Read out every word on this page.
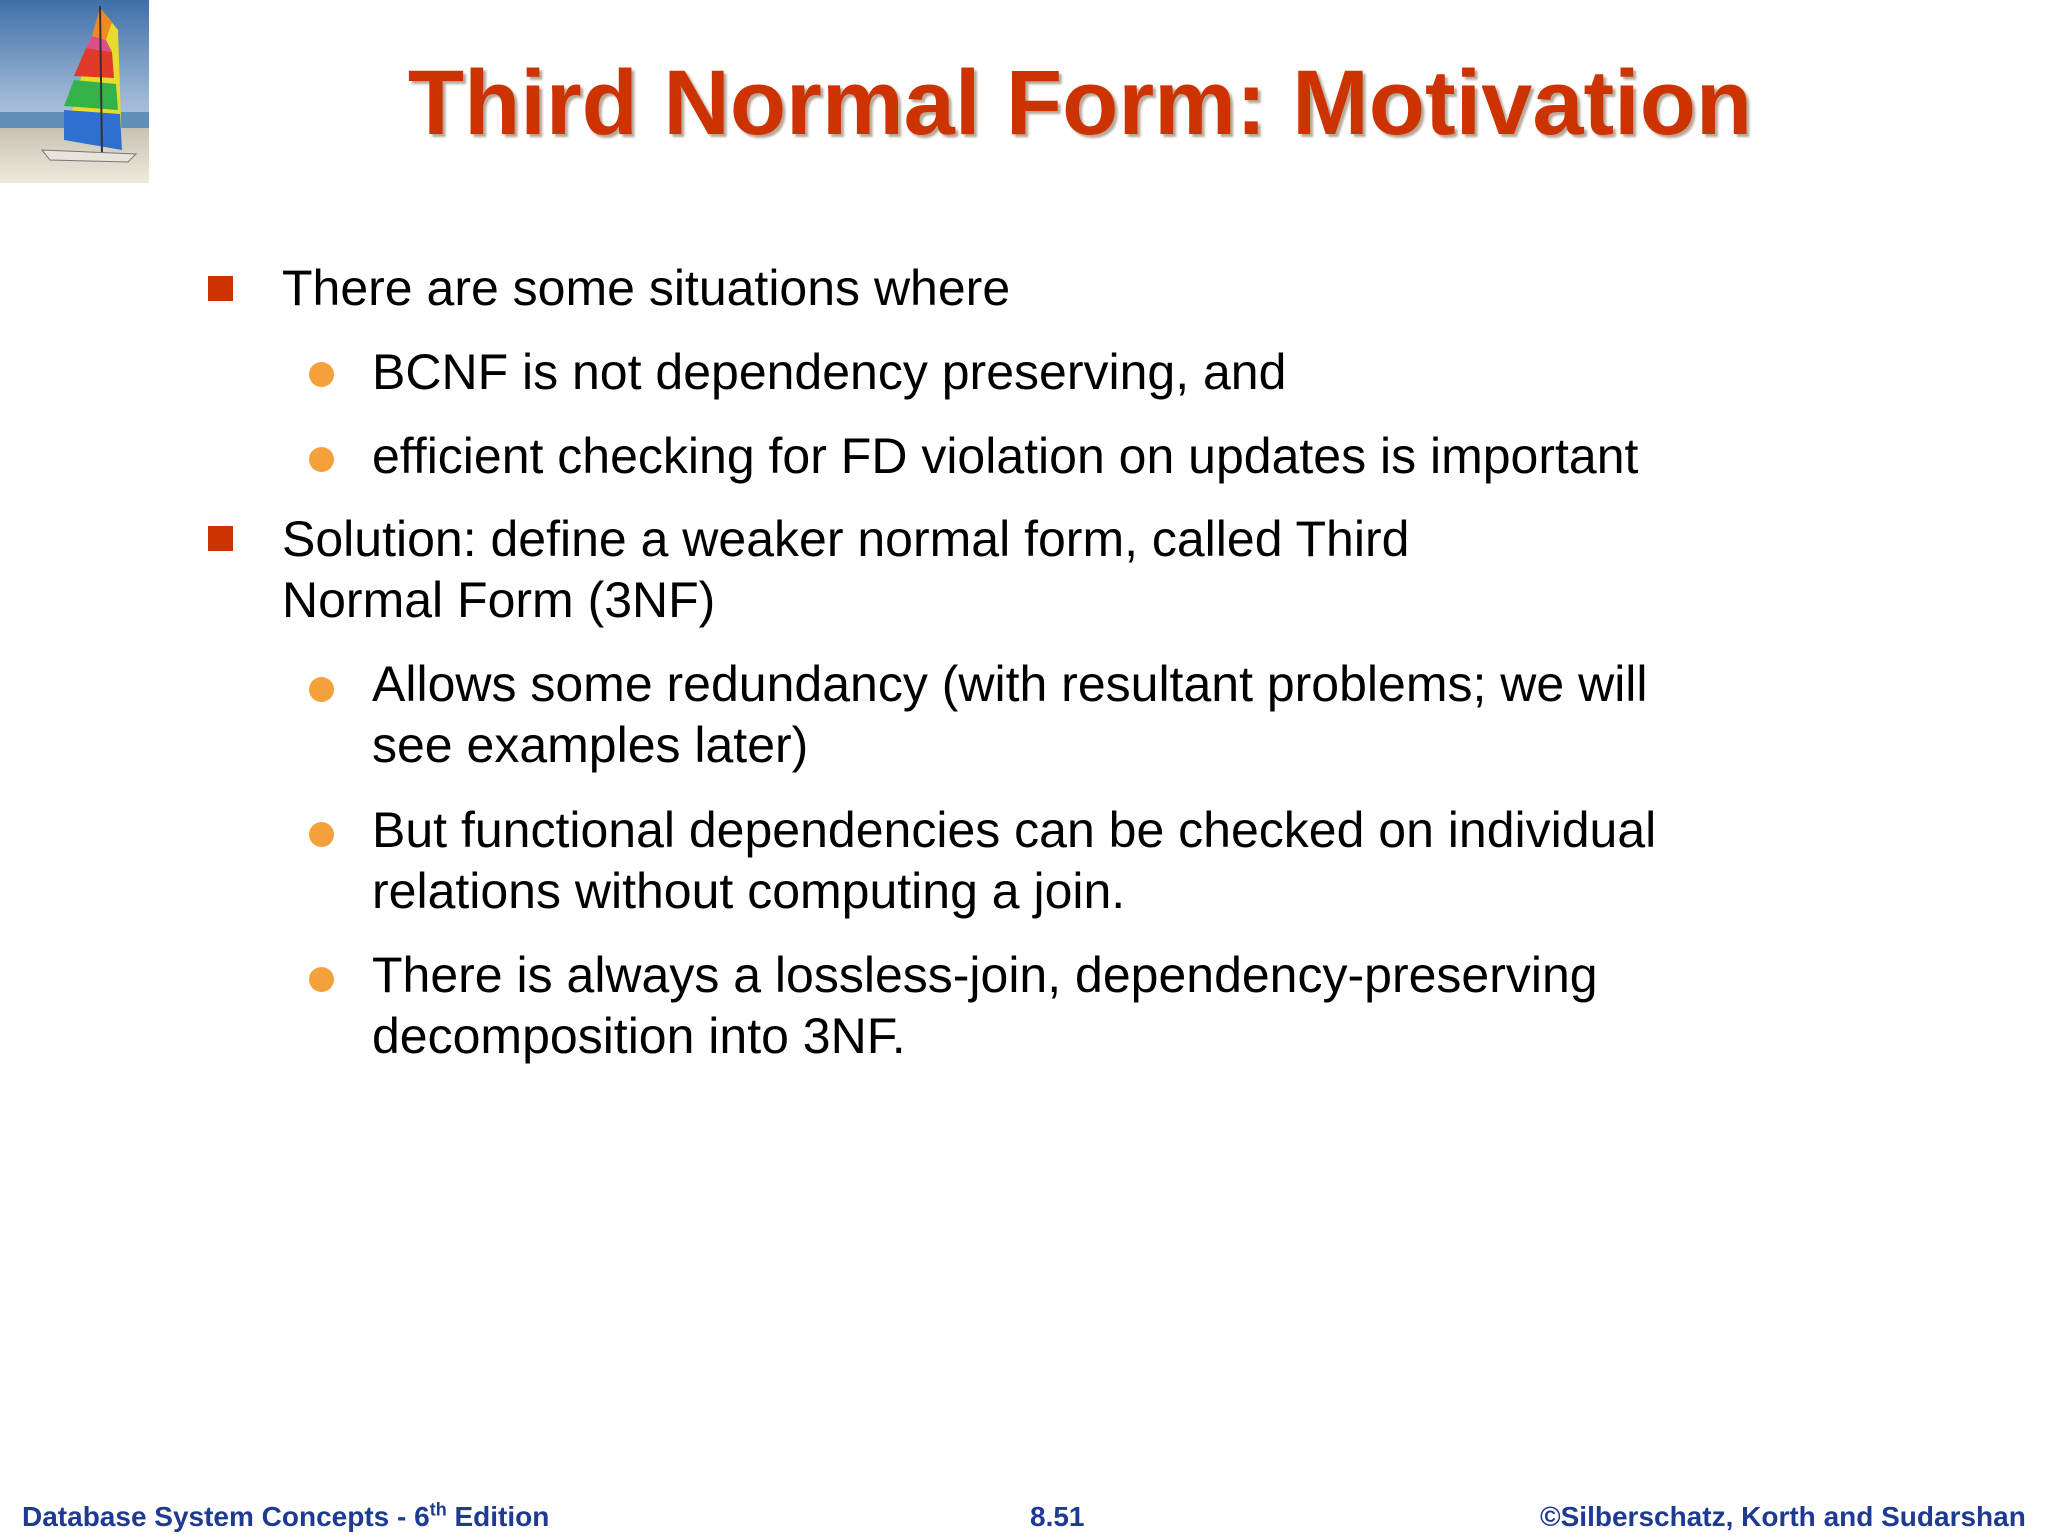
Third Normal Form: Motivation
There are some situations where
BCNF is not dependency preserving, and
efficient checking for FD violation on updates is important
Solution: define a weaker normal form, called Third
Normal Form (3NF)
Allows some redundancy (with resultant problems; we will
see examples later)
But functional dependencies can be checked on individual
relations without computing a join.
There is always a lossless-join, dependency-preserving
decomposition into 3NF.
Database System Concepts - 6th Edition	8.51	©Silberschatz, Korth and Sudarshan
